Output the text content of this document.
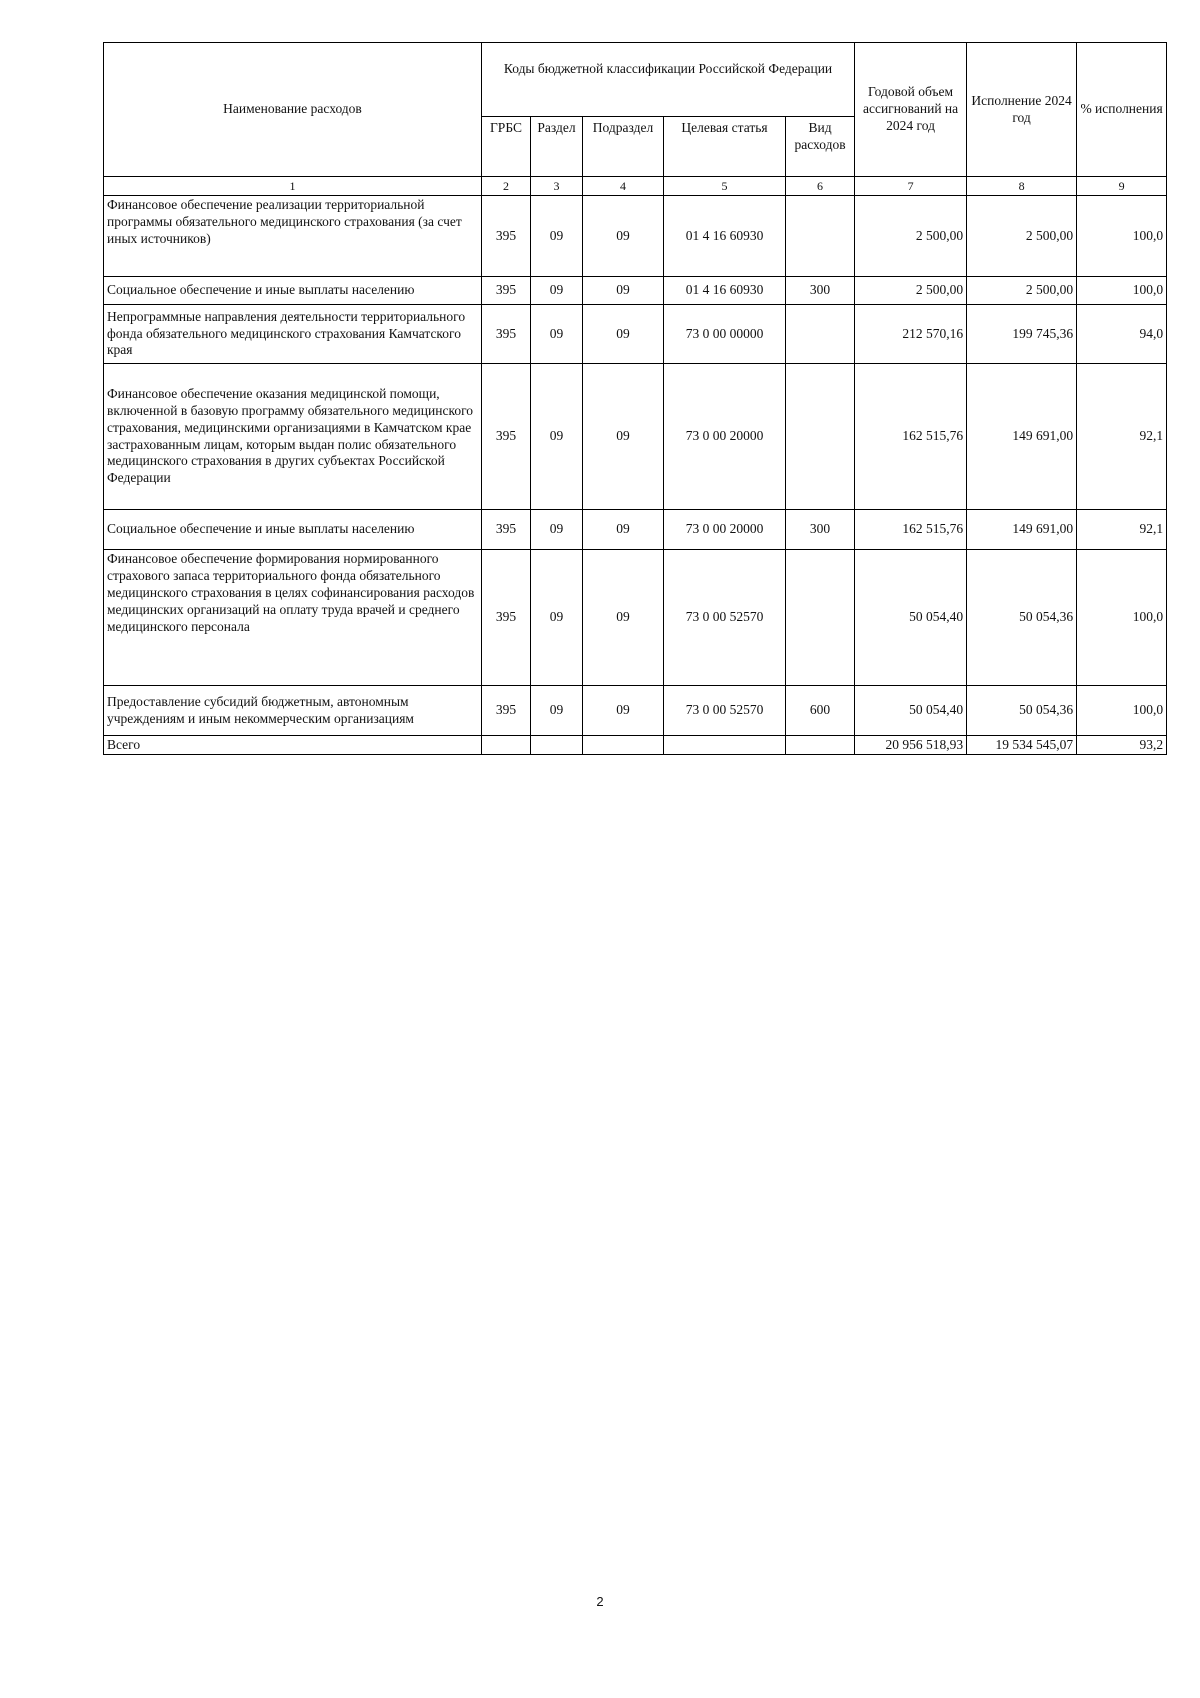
Наименование расходов	Коды бюджетной классификации Российской Федерации					Годовой объем ассигнований на 2024 год	Исполнение 2024 год	% исполнения
	ГРБС	Раздел	Подраздел	Целевая статья	Вид расходов			
1	2	3	4	5	6	7	8	9
Финансовое обеспечение реализации территориальной программы обязательного медицинского страхования (за счет иных источников)	395	09	09	01 4 16 60930		2 500,00	2 500,00	100,0
Социальное обеспечение и иные выплаты населению	395	09	09	01 4 16 60930	300	2 500,00	2 500,00	100,0
Непрограммные направления деятельности территориального фонда обязательного медицинского страхования Камчатского края	395	09	09	73 0 00 00000		212 570,16	199 745,36	94,0
Финансовое обеспечение оказания медицинской помощи, включенной в базовую программу обязательного медицинского страхования, медицинскими организациями в Камчатском крае застрахованным лицам, которым выдан полис обязательного медицинского страхования в других субъектах Российской Федерации	395	09	09	73 0 00 20000		162 515,76	149 691,00	92,1
Социальное обеспечение и иные выплаты населению	395	09	09	73 0 00 20000	300	162 515,76	149 691,00	92,1
Финансовое обеспечение формирования нормированного страхового запаса территориального фонда обязательного медицинского страхования в целях софинансирования расходов медицинских организаций на оплату труда врачей и среднего медицинского персонала	395	09	09	73 0 00 52570		50 054,40	50 054,36	100,0
Предоставление субсидий бюджетным, автономным учреждениям и иным некоммерческим организациям	395	09	09	73 0 00 52570	600	50 054,40	50 054,36	100,0
Всего						20 956 518,93	19 534 545,07	93,2
2
